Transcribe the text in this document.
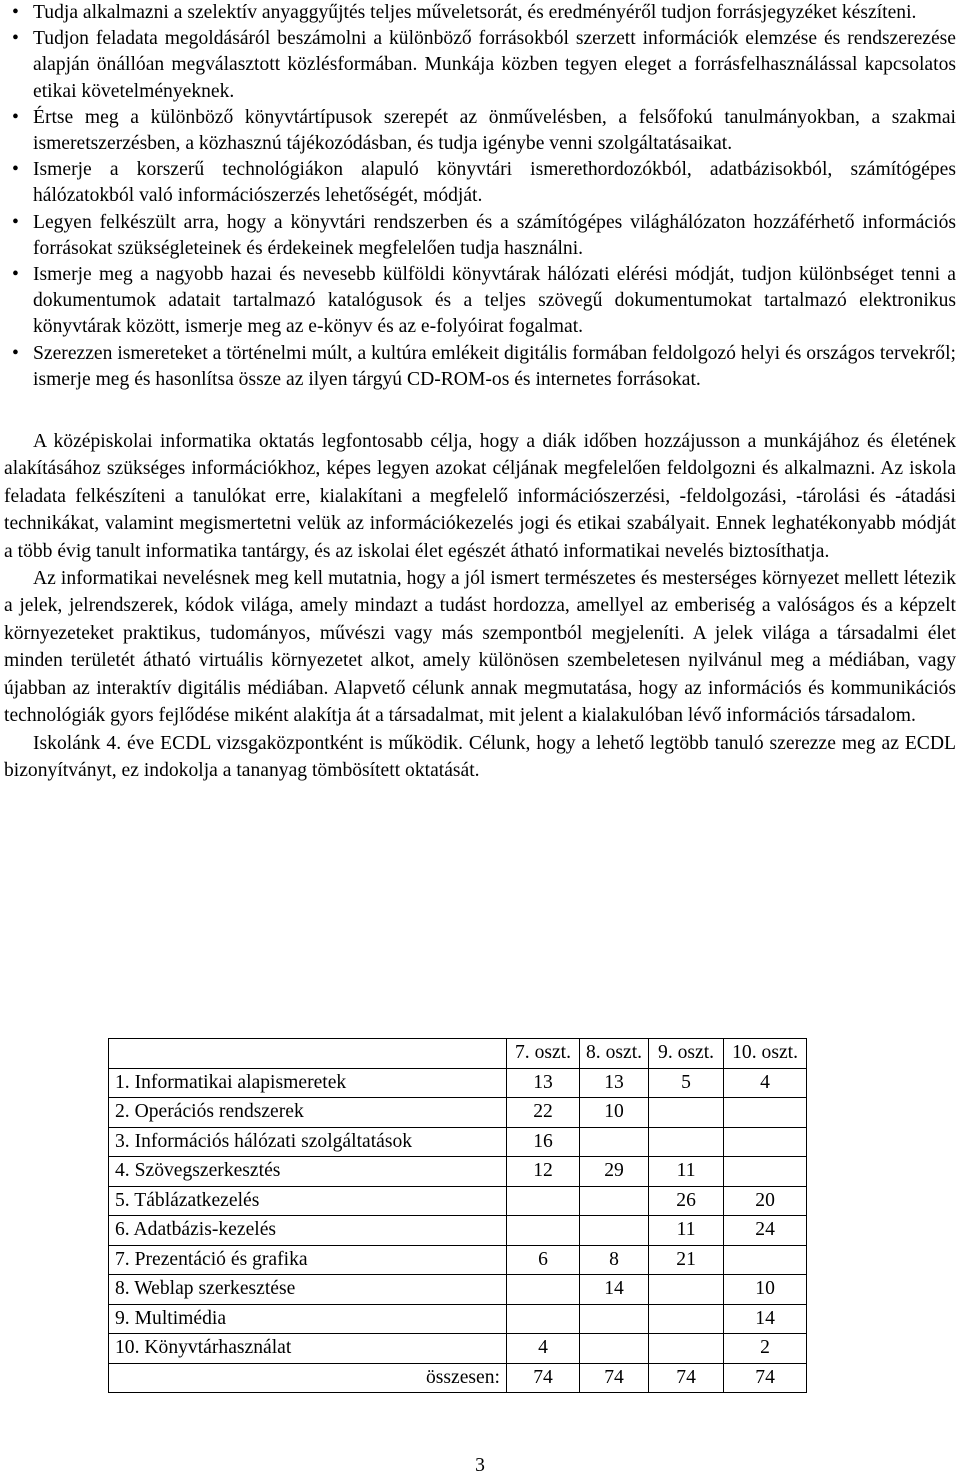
• Tudja alkalmazni a szelektív anyaggyűjtés teljes műveletsorát, és eredményéről tudjon forrásjegyzéket készíteni.
• Tudjon feladata megoldásáról beszámolni a különböző forrásokból szerzett információk elemzése és rendszerezése alapján önállóan megválasztott közlésformában. Munkája közben tegyen eleget a forrásfelhasználással kapcsolatos etikai követelményeknek.
• Értse meg a különböző könyvtártípusok szerepét az önművelésben, a felsőfokú tanulmányokban, a szakmai ismeretszerzésben, a közhasznú tájékozódásban, és tudja igénybe venni szolgáltatásaikat.
• Ismerje a korszerű technológiákon alapuló könyvtári ismerethordozókból, adatbázisokból, számítógépes hálózatokból való információszerzés lehetőségét, módját.
• Legyen felkészült arra, hogy a könyvtári rendszerben és a számítógépes világhálózaton hozzáférhető információs forrásokat szükségleteinek és érdekeinek megfelelően tudja használni.
• Ismerje meg a nagyobb hazai és nevesebb külföldi könyvtárak hálózati elérési módját, tudjon különbséget tenni a dokumentumok adatait tartalmazó katalógusok és a teljes szövegű dokumentumokat tartalmazó elektronikus könyvtárak között, ismerje meg az e-könyv és az e-folyóirat fogalmat.
• Szerezzen ismereteket a történelmi múlt, a kultúra emlékeit digitális formában feldolgozó helyi és országos tervekről; ismerje meg és hasonlítsa össze az ilyen tárgyú CD-ROM-os és internetes forrásokat.

A középiskolai informatika oktatás legfontosabb célja, hogy a diák időben hozzájusson a munkájához és életének alakításához szükséges információkhoz, képes legyen azokat céljának megfelelően feldolgozni és alkalmazni. Az iskola feladata felkészíteni a tanulókat erre, kialakítani a megfelelő információszerzési, -feldolgozási, -tárolási és -átadási technikákat, valamint megismertetni velük az információkezelés jogi és etikai szabályait. Ennek leghatékonyabb módját a több évig tanult informatika tantárgy, és az iskolai élet egészét átható informatikai nevelés biztosíthatja.

Az informatikai nevelésnek meg kell mutatnia, hogy a jól ismert természetes és mesterséges környezet mellett létezik a jelek, jelrendszerek, kódok világa, amely mindazt a tudást hordozza, amellyel az emberiség a valóságos és a képzelt környezeteket praktikus, tudományos, művészi vagy más szempontból megjeleníti. A jelek világa a társadalmi élet minden területét átható virtuális környezetet alkot, amely különösen szembeletesen nyilvánul meg a médiában, vagy újabban az interaktív digitális médiában. Alapvető célunk annak megmutatása, hogy az információs és kommunikációs technológiák gyors fejlődése miként alakítja át a társadalmat, mit jelent a kialakulóban lévő információs társadalom.

Iskolánk 4. éve ECDL vizsgaközpontként is működik. Célunk, hogy a lehető legtöbb tanuló szerezze meg az ECDL bizonyítványt, ez indokolja a tananyag tömbösített oktatását.

	7. oszt.	8. oszt.	9. oszt.	10. oszt.
1. Informatikai alapismeretek	13	13	5	4
2. Operációs rendszerek	22	10		
3. Információs hálózati szolgáltatások	16			
4. Szövegszerkesztés	12	29	11	
5. Táblázatkezelés			26	20
6. Adatbázis-kezelés			11	24
7. Prezentáció és grafika	6	8	21	
8. Weblap szerkesztése		14		10
9. Multimédia				14
10. Könyvtárhasználat	4			2
összesen:	74	74	74	74
3
